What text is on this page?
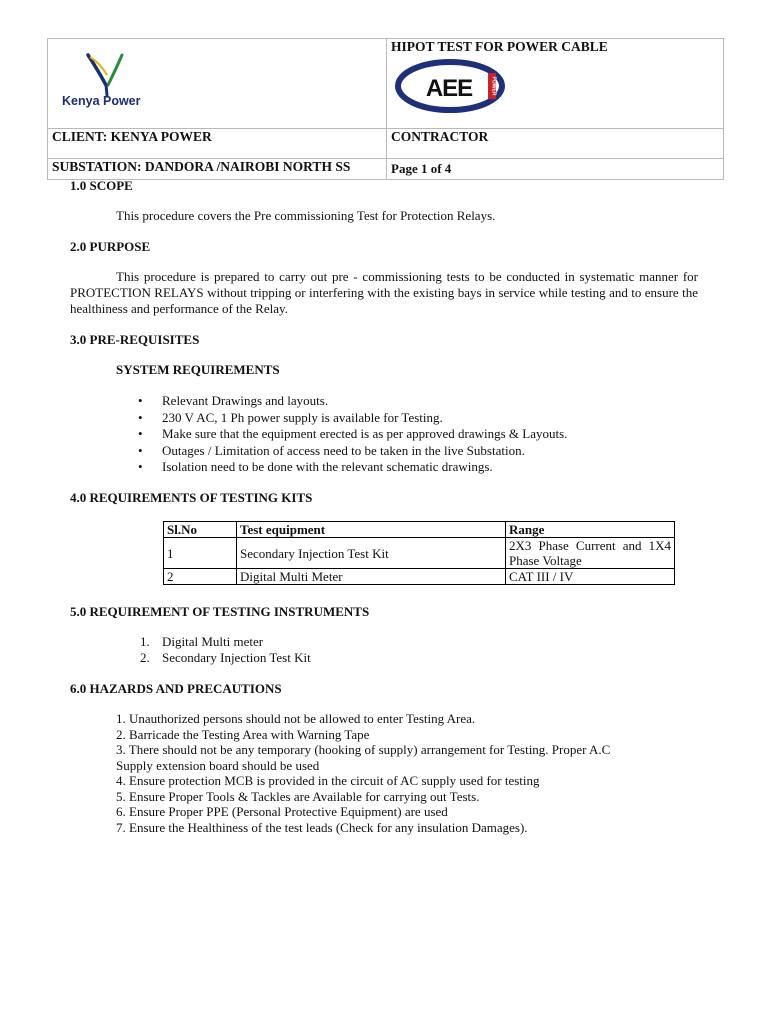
Kenya Power	HIPOT TEST FOR POWER CABLE
AEE POWER

CLIENT: KENYA POWER	CONTRACTOR
SUBSTATION: DANDORA /NAIROBI NORTH SS	Page 1 of 4
1.0 SCOPE
This procedure covers the Pre commissioning Test for Protection Relays.
2.0 PURPOSE
This procedure is prepared to carry out pre - commissioning tests to be conducted in systematic manner for PROTECTION RELAYS without tripping or interfering with the existing bays in service while testing and to ensure the healthiness and performance of the Relay.
3.0 PRE-REQUISITES
SYSTEM REQUIREMENTS
• Relevant Drawings and layouts.
• 230 V AC, 1 Ph power supply is available for Testing.
• Make sure that the equipment erected is as per approved drawings & Layouts.
• Outages / Limitation of access need to be taken in the live Substation.
• Isolation need to be done with the relevant schematic drawings.
4.0 REQUIREMENTS OF TESTING KITS
Sl.No	Test equipment	Range
1	Secondary Injection Test Kit	2X3 Phase Current and 1X4 Phase Voltage
2	Digital Multi Meter	CAT III / IV
5.0 REQUIREMENT OF TESTING INSTRUMENTS
1. Digital Multi meter
2. Secondary Injection Test Kit
6.0 HAZARDS AND PRECAUTIONS
1. Unauthorized persons should not be allowed to enter Testing Area.
2. Barricade the Testing Area with Warning Tape
3. There should not be any temporary (hooking of supply) arrangement for Testing. Proper A.C
Supply extension board should be used
4. Ensure protection MCB is provided in the circuit of AC supply used for testing
5. Ensure Proper Tools & Tackles are Available for carrying out Tests.
6. Ensure Proper PPE (Personal Protective Equipment) are used
7. Ensure the Healthiness of the test leads (Check for any insulation Damages).
